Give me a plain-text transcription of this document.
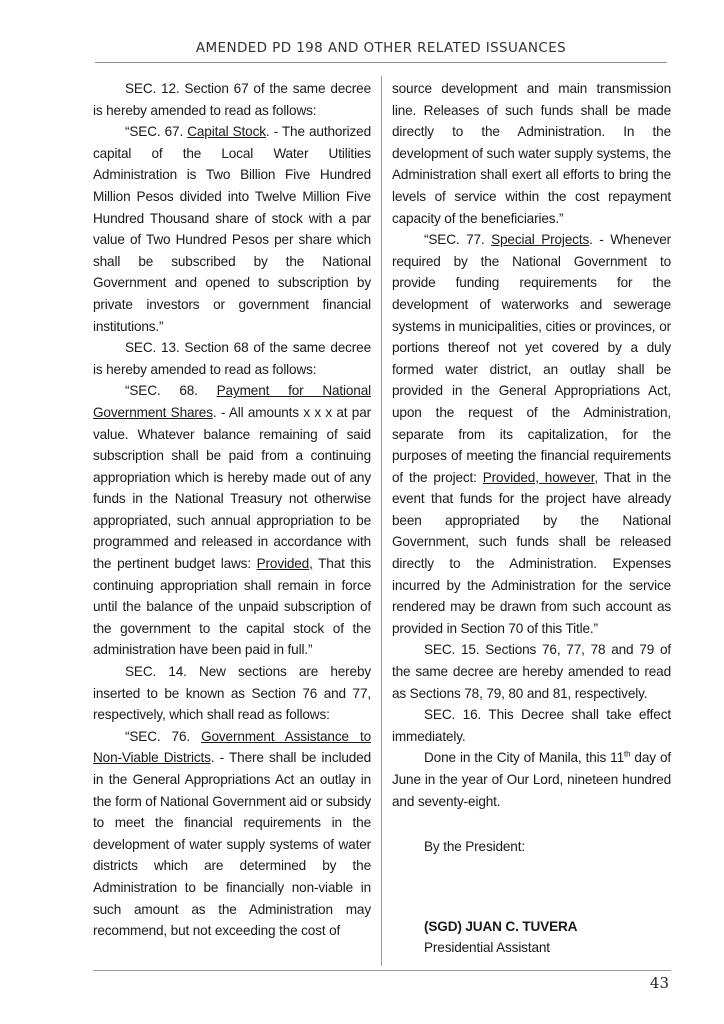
AMENDED PD 198 AND OTHER RELATED ISSUANCES

SEC. 12. Section 67 of the same decree is hereby amended to read as follows:

“SEC. 67. Capital Stock. - The authorized capital of the Local Water Utilities Administration is Two Billion Five Hundred Million Pesos divided into Twelve Million Five Hundred Thousand share of stock with a par value of Two Hundred Pesos per share which shall be subscribed by the National Government and opened to subscription by private investors or government financial institutions.”

SEC. 13. Section 68 of the same decree is hereby amended to read as follows:

“SEC. 68. Payment for National Government Shares. - All amounts x x x at par value. Whatever balance remaining of said subscription shall be paid from a continuing appropriation which is hereby made out of any funds in the National Treasury not otherwise appropriated, such annual appropriation to be programmed and released in accordance with the pertinent budget laws: Provided, That this continuing appropriation shall remain in force until the balance of the unpaid subscription of the government to the capital stock of the administration have been paid in full.”

SEC. 14. New sections are hereby inserted to be known as Section 76 and 77, respectively, which shall read as follows:

“SEC. 76. Government Assistance to Non-Viable Districts. - There shall be included in the General Appropriations Act an outlay in the form of National Government aid or subsidy to meet the financial requirements in the development of water supply systems of water districts which are determined by the Administration to be financially non-viable in such amount as the Administration may recommend, but not exceeding the cost of

source development and main transmission line. Releases of such funds shall be made directly to the Administration. In the development of such water supply systems, the Administration shall exert all efforts to bring the levels of service within the cost repayment capacity of the beneficiaries.”

“SEC. 77. Special Projects. - Whenever required by the National Government to provide funding requirements for the development of waterworks and sewerage systems in municipalities, cities or provinces, or portions thereof not yet covered by a duly formed water district, an outlay shall be provided in the General Appropriations Act, upon the request of the Administration, separate from its capitalization, for the purposes of meeting the financial requirements of the project: Provided, however, That in the event that funds for the project have already been appropriated by the National Government, such funds shall be released directly to the Administration. Expenses incurred by the Administration for the service rendered may be drawn from such account as provided in Section 70 of this Title.”

SEC. 15. Sections 76, 77, 78 and 79 of the same decree are hereby amended to read as Sections 78, 79, 80 and 81, respectively.

SEC. 16. This Decree shall take effect immediately.

Done in the City of Manila, this 11th day of June in the year of Our Lord, nineteen hundred and seventy-eight.

By the President:

(SGD) JUAN C. TUVERA

Presidential Assistant

43
